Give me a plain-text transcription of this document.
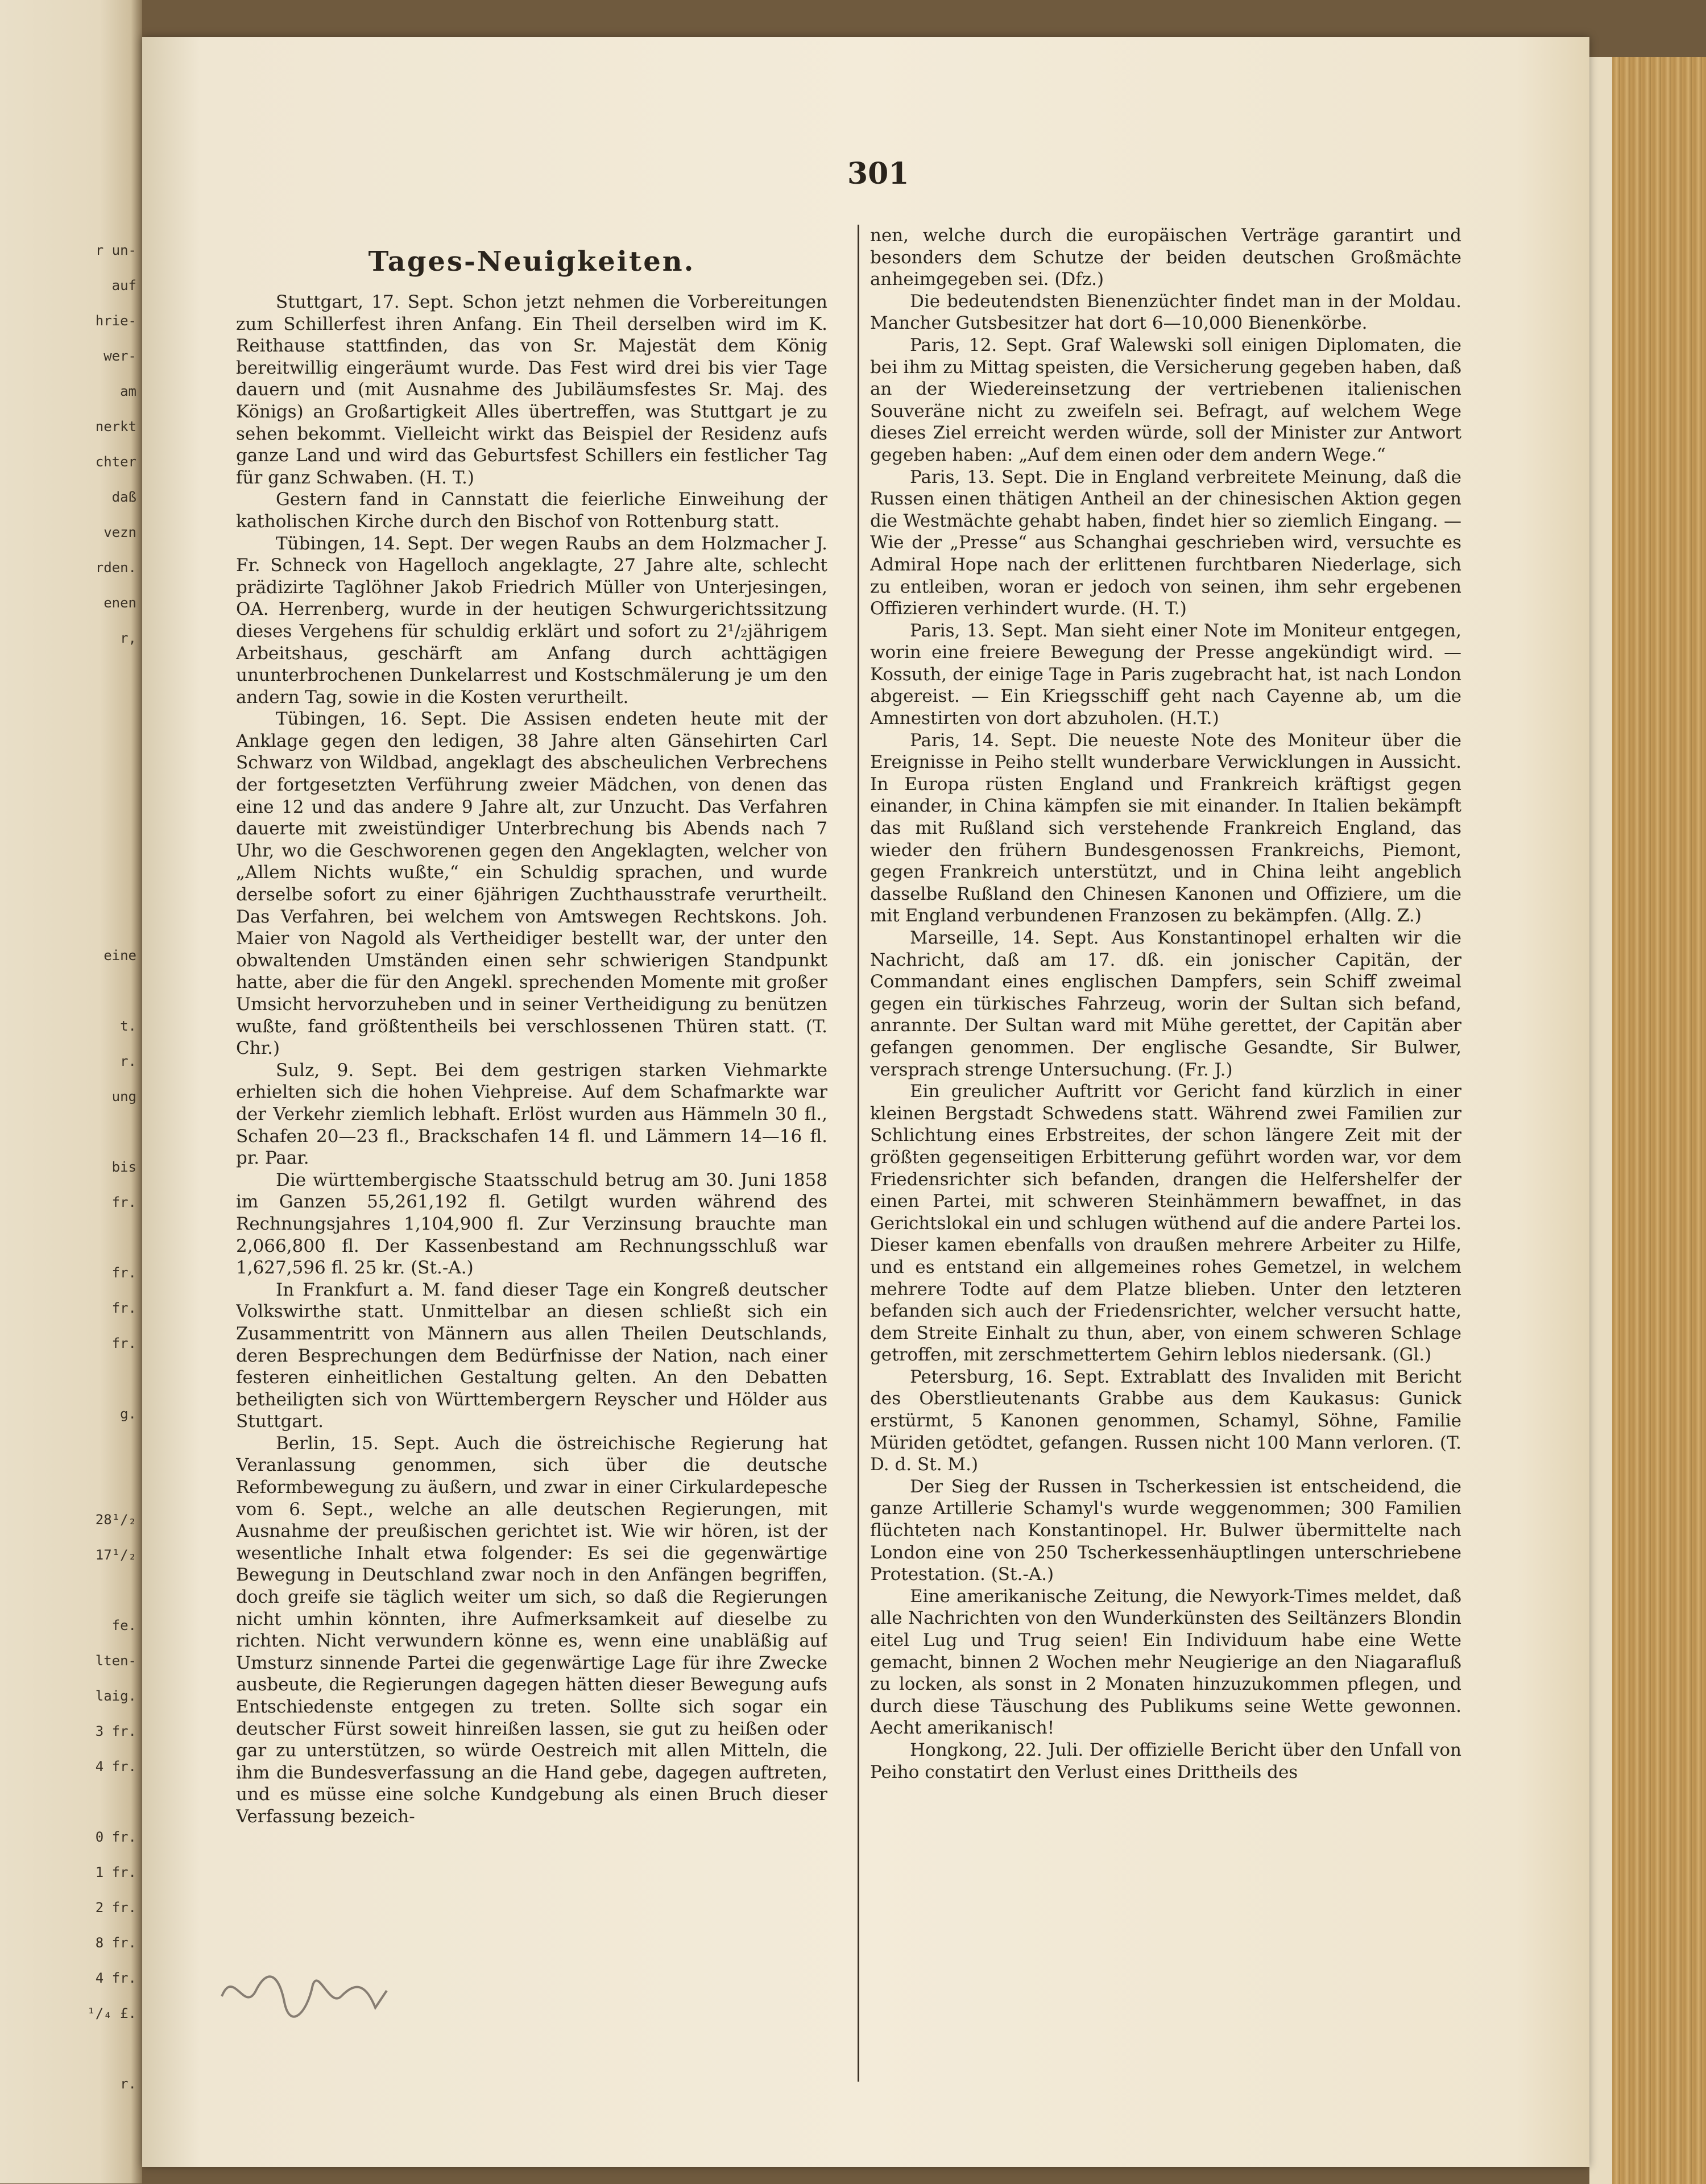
r un-
auf
hrie-
wer-
am
nerkt
chter
daß
vezn
rden.
enen
r,
eine
t.
r.
ung
bis
fr.
fr.
fr.
fr.
g.
28¹/₂
17¹/₂
fe.
lten-
laig.
3 fr.
4 fr.
0 fr.
1 fr.
2 fr.
8 fr.
4 fr.
¹/₄ £.
r.
301
Tages-Neuigkeiten.

Stuttgart, 17. Sept. Schon jetzt nehmen die Vorbereitungen zum Schillerfest ihren Anfang. Ein Theil derselben wird im K. Reithause stattfinden, das von Sr. Majestät dem König bereitwillig eingeräumt wurde. Das Fest wird drei bis vier Tage dauern und (mit Ausnahme des Jubiläumsfestes Sr. Maj. des Königs) an Großartigkeit Alles übertreffen, was Stuttgart je zu sehen bekommt. Vielleicht wirkt das Beispiel der Residenz aufs ganze Land und wird das Geburtsfest Schillers ein festlicher Tag für ganz Schwaben. (H. T.)

Gestern fand in Cannstatt die feierliche Einweihung der katholischen Kirche durch den Bischof von Rottenburg statt.

Tübingen, 14. Sept. Der wegen Raubs an dem Holzmacher J. Fr. Schneck von Hagelloch angeklagte, 27 Jahre alte, schlecht prädizirte Taglöhner Jakob Friedrich Müller von Unterjesingen, OA. Herrenberg, wurde in der heutigen Schwurgerichtssitzung dieses Vergehens für schuldig erklärt und sofort zu 2¹/₂jährigem Arbeitshaus, geschärft am Anfang durch achttägigen ununterbrochenen Dunkelarrest und Kostschmälerung je um den andern Tag, sowie in die Kosten verurtheilt.

Tübingen, 16. Sept. Die Assisen endeten heute mit der Anklage gegen den ledigen, 38 Jahre alten Gänsehirten Carl Schwarz von Wildbad, angeklagt des abscheulichen Verbrechens der fortgesetzten Verführung zweier Mädchen, von denen das eine 12 und das andere 9 Jahre alt, zur Unzucht. Das Verfahren dauerte mit zweistündiger Unterbrechung bis Abends nach 7 Uhr, wo die Geschworenen gegen den Angeklagten, welcher von „Allem Nichts wußte,“ ein Schuldig sprachen, und wurde derselbe sofort zu einer 6jährigen Zuchthausstrafe verurtheilt. Das Verfahren, bei welchem von Amtswegen Rechtskons. Joh. Maier von Nagold als Vertheidiger bestellt war, der unter den obwaltenden Umständen einen sehr schwierigen Standpunkt hatte, aber die für den Angekl. sprechenden Momente mit großer Umsicht hervorzuheben und in seiner Vertheidigung zu benützen wußte, fand größtentheils bei verschlossenen Thüren statt. (T. Chr.)

Sulz, 9. Sept. Bei dem gestrigen starken Viehmarkte erhielten sich die hohen Viehpreise. Auf dem Schafmarkte war der Verkehr ziemlich lebhaft. Erlöst wurden aus Hämmeln 30 fl., Schafen 20—23 fl., Brackschafen 14 fl. und Lämmern 14—16 fl. pr. Paar.

Die württembergische Staatsschuld betrug am 30. Juni 1858 im Ganzen 55,261,192 fl. Getilgt wurden während des Rechnungsjahres 1,104,900 fl. Zur Verzinsung brauchte man 2,066,800 fl. Der Kassenbestand am Rechnungsschluß war 1,627,596 fl. 25 kr. (St.-A.)

In Frankfurt a. M. fand dieser Tage ein Kongreß deutscher Volkswirthe statt. Unmittelbar an diesen schließt sich ein Zusammentritt von Männern aus allen Theilen Deutschlands, deren Besprechungen dem Bedürfnisse der Nation, nach einer festeren einheitlichen Gestaltung gelten. An den Debatten betheiligten sich von Württembergern Reyscher und Hölder aus Stuttgart.

Berlin, 15. Sept. Auch die östreichische Regierung hat Veranlassung genommen, sich über die deutsche Reformbewegung zu äußern, und zwar in einer Cirkulardepesche vom 6. Sept., welche an alle deutschen Regierungen, mit Ausnahme der preußischen gerichtet ist. Wie wir hören, ist der wesentliche Inhalt etwa folgender: Es sei die gegenwärtige Bewegung in Deutschland zwar noch in den Anfängen begriffen, doch greife sie täglich weiter um sich, so daß die Regierungen nicht umhin könnten, ihre Aufmerksamkeit auf dieselbe zu richten. Nicht verwundern könne es, wenn eine unabläßig auf Umsturz sinnende Partei die gegenwärtige Lage für ihre Zwecke ausbeute, die Regierungen dagegen hätten dieser Bewegung aufs Entschiedenste entgegen zu treten. Sollte sich sogar ein deutscher Fürst soweit hinreißen lassen, sie gut zu heißen oder gar zu unterstützen, so würde Oestreich mit allen Mitteln, die ihm die Bundesverfassung an die Hand gebe, dagegen auftreten, und es müsse eine solche Kundgebung als einen Bruch dieser Verfassung bezeich-

nen, welche durch die europäischen Verträge garantirt und besonders dem Schutze der beiden deutschen Großmächte anheimgegeben sei. (Dfz.)

Die bedeutendsten Bienenzüchter findet man in der Moldau. Mancher Gutsbesitzer hat dort 6—10,000 Bienenkörbe.

Paris, 12. Sept. Graf Walewski soll einigen Diplomaten, die bei ihm zu Mittag speisten, die Versicherung gegeben haben, daß an der Wiedereinsetzung der vertriebenen italienischen Souveräne nicht zu zweifeln sei. Befragt, auf welchem Wege dieses Ziel erreicht werden würde, soll der Minister zur Antwort gegeben haben: „Auf dem einen oder dem andern Wege.“

Paris, 13. Sept. Die in England verbreitete Meinung, daß die Russen einen thätigen Antheil an der chinesischen Aktion gegen die Westmächte gehabt haben, findet hier so ziemlich Eingang. — Wie der „Presse“ aus Schanghai geschrieben wird, versuchte es Admiral Hope nach der erlittenen furchtbaren Niederlage, sich zu entleiben, woran er jedoch von seinen, ihm sehr ergebenen Offizieren verhindert wurde. (H. T.)

Paris, 13. Sept. Man sieht einer Note im Moniteur entgegen, worin eine freiere Bewegung der Presse angekündigt wird. — Kossuth, der einige Tage in Paris zugebracht hat, ist nach London abgereist. — Ein Kriegsschiff geht nach Cayenne ab, um die Amnestirten von dort abzuholen. (H.T.)

Paris, 14. Sept. Die neueste Note des Moniteur über die Ereignisse in Peiho stellt wunderbare Verwicklungen in Aussicht. In Europa rüsten England und Frankreich kräftigst gegen einander, in China kämpfen sie mit einander. In Italien bekämpft das mit Rußland sich verstehende Frankreich England, das wieder den frühern Bundesgenossen Frankreichs, Piemont, gegen Frankreich unterstützt, und in China leiht angeblich dasselbe Rußland den Chinesen Kanonen und Offiziere, um die mit England verbundenen Franzosen zu bekämpfen. (Allg. Z.)

Marseille, 14. Sept. Aus Konstantinopel erhalten wir die Nachricht, daß am 17. dß. ein jonischer Capitän, der Commandant eines englischen Dampfers, sein Schiff zweimal gegen ein türkisches Fahrzeug, worin der Sultan sich befand, anrannte. Der Sultan ward mit Mühe gerettet, der Capitän aber gefangen genommen. Der englische Gesandte, Sir Bulwer, versprach strenge Untersuchung. (Fr. J.)

Ein greulicher Auftritt vor Gericht fand kürzlich in einer kleinen Bergstadt Schwedens statt. Während zwei Familien zur Schlichtung eines Erbstreites, der schon längere Zeit mit der größten gegenseitigen Erbitterung geführt worden war, vor dem Friedensrichter sich befanden, drangen die Helfershelfer der einen Partei, mit schweren Steinhämmern bewaffnet, in das Gerichtslokal ein und schlugen wüthend auf die andere Partei los. Dieser kamen ebenfalls von draußen mehrere Arbeiter zu Hilfe, und es entstand ein allgemeines rohes Gemetzel, in welchem mehrere Todte auf dem Platze blieben. Unter den letzteren befanden sich auch der Friedensrichter, welcher versucht hatte, dem Streite Einhalt zu thun, aber, von einem schweren Schlage getroffen, mit zerschmettertem Gehirn leblos niedersank. (Gl.)

Petersburg, 16. Sept. Extrablatt des Invaliden mit Bericht des Oberstlieutenants Grabbe aus dem Kaukasus: Gunick erstürmt, 5 Kanonen genommen, Schamyl, Söhne, Familie Müriden getödtet, gefangen. Russen nicht 100 Mann verloren. (T. D. d. St. M.)

Der Sieg der Russen in Tscherkessien ist entscheidend, die ganze Artillerie Schamyl's wurde weggenommen; 300 Familien flüchteten nach Konstantinopel. Hr. Bulwer übermittelte nach London eine von 250 Tscherkessenhäuptlingen unterschriebene Protestation. (St.-A.)

Eine amerikanische Zeitung, die Newyork-Times meldet, daß alle Nachrichten von den Wunderkünsten des Seiltänzers Blondin eitel Lug und Trug seien! Ein Individuum habe eine Wette gemacht, binnen 2 Wochen mehr Neugierige an den Niagarafluß zu locken, als sonst in 2 Monaten hinzuzukommen pflegen, und durch diese Täuschung des Publikums seine Wette gewonnen. Aecht amerikanisch!

Hongkong, 22. Juli. Der offizielle Bericht über den Unfall von Peiho constatirt den Verlust eines Drittheils des
